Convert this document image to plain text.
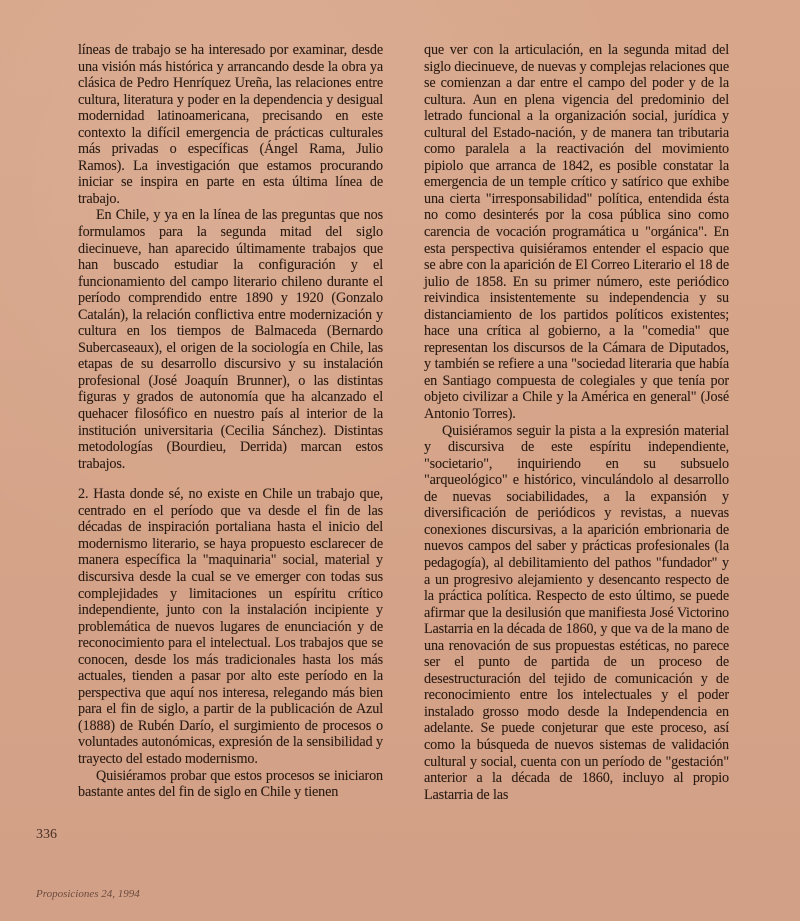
líneas de trabajo se ha interesado por examinar, desde una visión más histórica y arrancando desde la obra ya clásica de Pedro Henríquez Ureña, las relaciones entre cultura, literatura y poder en la dependencia y desigual modernidad latinoamericana, precisando en este contexto la difícil emergencia de prácticas culturales más privadas o específicas (Ángel Rama, Julio Ramos). La investigación que estamos procurando iniciar se inspira en parte en esta última línea de trabajo.

En Chile, y ya en la línea de las preguntas que nos formulamos para la segunda mitad del siglo diecinueve, han aparecido últimamente trabajos que han buscado estudiar la configuración y el funcionamiento del campo literario chileno durante el período comprendido entre 1890 y 1920 (Gonzalo Catalán), la relación conflictiva entre modernización y cultura en los tiempos de Balmaceda (Bernardo Subercaseaux), el origen de la sociología en Chile, las etapas de su desarrollo discursivo y su instalación profesional (José Joaquín Brunner), o las distintas figuras y grados de autonomía que ha alcanzado el quehacer filosófico en nuestro país al interior de la institución universitaria (Cecilia Sánchez). Distintas metodologías (Bourdieu, Derrida) marcan estos trabajos.

2. Hasta donde sé, no existe en Chile un trabajo que, centrado en el período que va desde el fin de las décadas de inspiración portaliana hasta el inicio del modernismo literario, se haya propuesto esclarecer de manera específica la "maquinaria" social, material y discursiva desde la cual se ve emerger con todas sus complejidades y limitaciones un espíritu crítico independiente, junto con la instalación incipiente y problemática de nuevos lugares de enunciación y de reconocimiento para el intelectual. Los trabajos que se conocen, desde los más tradicionales hasta los más actuales, tienden a pasar por alto este período en la perspectiva que aquí nos interesa, relegando más bien para el fin de siglo, a partir de la publicación de Azul (1888) de Rubén Darío, el surgimiento de procesos o voluntades autonómicas, expresión de la sensibilidad y trayecto del estado modernismo.

Quisiéramos probar que estos procesos se iniciaron bastante antes del fin de siglo en Chile y tienen

que ver con la articulación, en la segunda mitad del siglo diecinueve, de nuevas y complejas relaciones que se comienzan a dar entre el campo del poder y de la cultura. Aun en plena vigencia del predominio del letrado funcional a la organización social, jurídica y cultural del Estado-nación, y de manera tan tributaria como paralela a la reactivación del movimiento pipiolo que arranca de 1842, es posible constatar la emergencia de un temple crítico y satírico que exhibe una cierta "irresponsabilidad" política, entendida ésta no como desinterés por la cosa pública sino como carencia de vocación programática u "orgánica". En esta perspectiva quisiéramos entender el espacio que se abre con la aparición de El Correo Literario el 18 de julio de 1858. En su primer número, este periódico reivindica insistentemente su independencia y su distanciamiento de los partidos políticos existentes; hace una crítica al gobierno, a la "comedia" que representan los discursos de la Cámara de Diputados, y también se refiere a una "sociedad literaria que había en Santiago compuesta de colegiales y que tenía por objeto civilizar a Chile y la América en general" (José Antonio Torres).

Quisiéramos seguir la pista a la expresión material y discursiva de este espíritu independiente, "societario", inquiriendo en su subsuelo "arqueológico" e histórico, vinculándolo al desarrollo de nuevas sociabilidades, a la expansión y diversificación de periódicos y revistas, a nuevas conexiones discursivas, a la aparición embrionaria de nuevos campos del saber y prácticas profesionales (la pedagogía), al debilitamiento del pathos "fundador" y a un progresivo alejamiento y desencanto respecto de la práctica política. Respecto de esto último, se puede afirmar que la desilusión que manifiesta José Victorino Lastarria en la década de 1860, y que va de la mano de una renovación de sus propuestas estéticas, no parece ser el punto de partida de un proceso de desestructuración del tejido de comunicación y de reconocimiento entre los intelectuales y el poder instalado grosso modo desde la Independencia en adelante. Se puede conjeturar que este proceso, así como la búsqueda de nuevos sistemas de validación cultural y social, cuenta con un período de "gestación" anterior a la década de 1860, incluyo al propio Lastarria de las

336
Proposiciones 24, 1994
